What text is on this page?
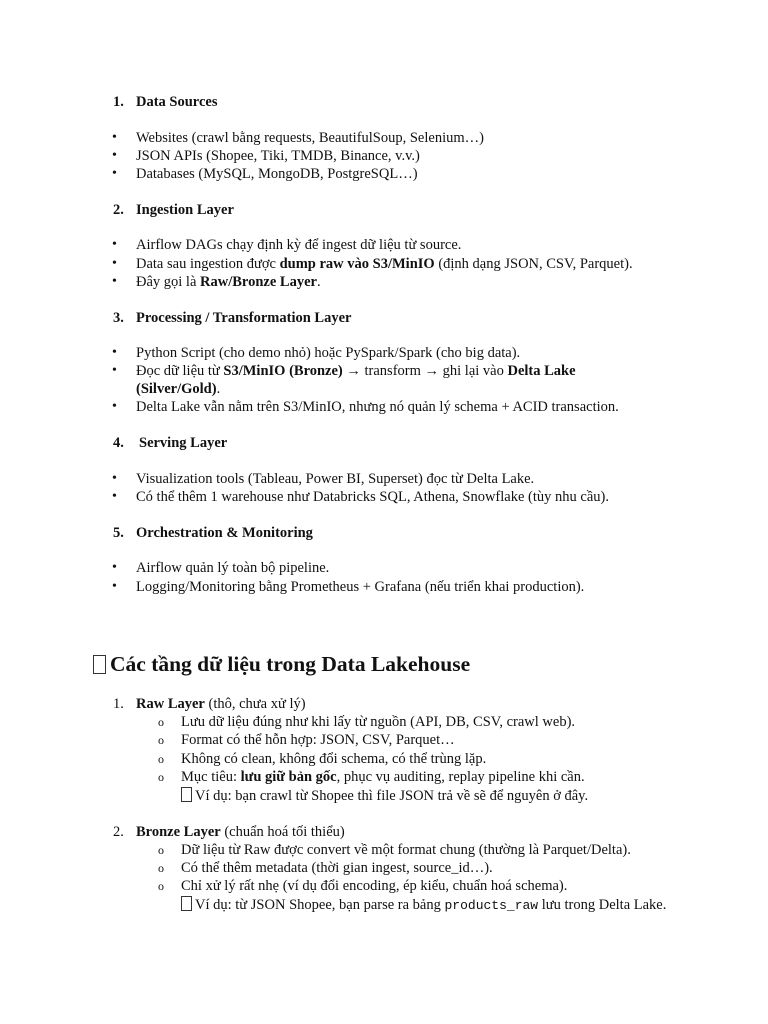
1. Data Sources
• Websites (crawl bằng requests, BeautifulSoup, Selenium…)
• JSON APIs (Shopee, Tiki, TMDB, Binance, v.v.)
• Databases (MySQL, MongoDB, PostgreSQL…)
2. Ingestion Layer
• Airflow DAGs chạy định kỳ để ingest dữ liệu từ source.
• Data sau ingestion được dump raw vào S3/MinIO (định dạng JSON, CSV, Parquet).
• Đây gọi là Raw/Bronze Layer.
3. Processing / Transformation Layer
• Python Script (cho demo nhỏ) hoặc PySpark/Spark (cho big data).
• Đọc dữ liệu từ S3/MinIO (Bronze) → transform → ghi lại vào Delta Lake
(Silver/Gold).
• Delta Lake vẫn nằm trên S3/MinIO, nhưng nó quản lý schema + ACID transaction.
4.	Serving Layer
• Visualization tools (Tableau, Power BI, Superset) đọc từ Delta Lake.
• Có thể thêm 1 warehouse như Databricks SQL, Athena, Snowflake (tùy nhu cầu).
5. Orchestration & Monitoring
• Airflow quản lý toàn bộ pipeline.
• Logging/Monitoring bằng Prometheus + Grafana (nếu triển khai production).
Các tầng dữ liệu trong Data Lakehouse
1. Raw Layer (thô, chưa xử lý)
o Lưu dữ liệu đúng như khi lấy từ nguồn (API, DB, CSV, crawl web).
o Format có thể hỗn hợp: JSON, CSV, Parquet…
o Không có clean, không đổi schema, có thể trùng lặp.
o Mục tiêu: lưu giữ bản gốc, phục vụ auditing, replay pipeline khi cần.
Ví dụ: bạn crawl từ Shopee thì file JSON trả về sẽ để nguyên ở đây.
2. Bronze Layer (chuẩn hoá tối thiểu)
o Dữ liệu từ Raw được convert về một format chung (thường là Parquet/Delta).
o Có thể thêm metadata (thời gian ingest, source_id…).
o Chỉ xử lý rất nhẹ (ví dụ đổi encoding, ép kiểu, chuẩn hoá schema).
Ví dụ: từ JSON Shopee, bạn parse ra bảng products_raw lưu trong Delta Lake.
